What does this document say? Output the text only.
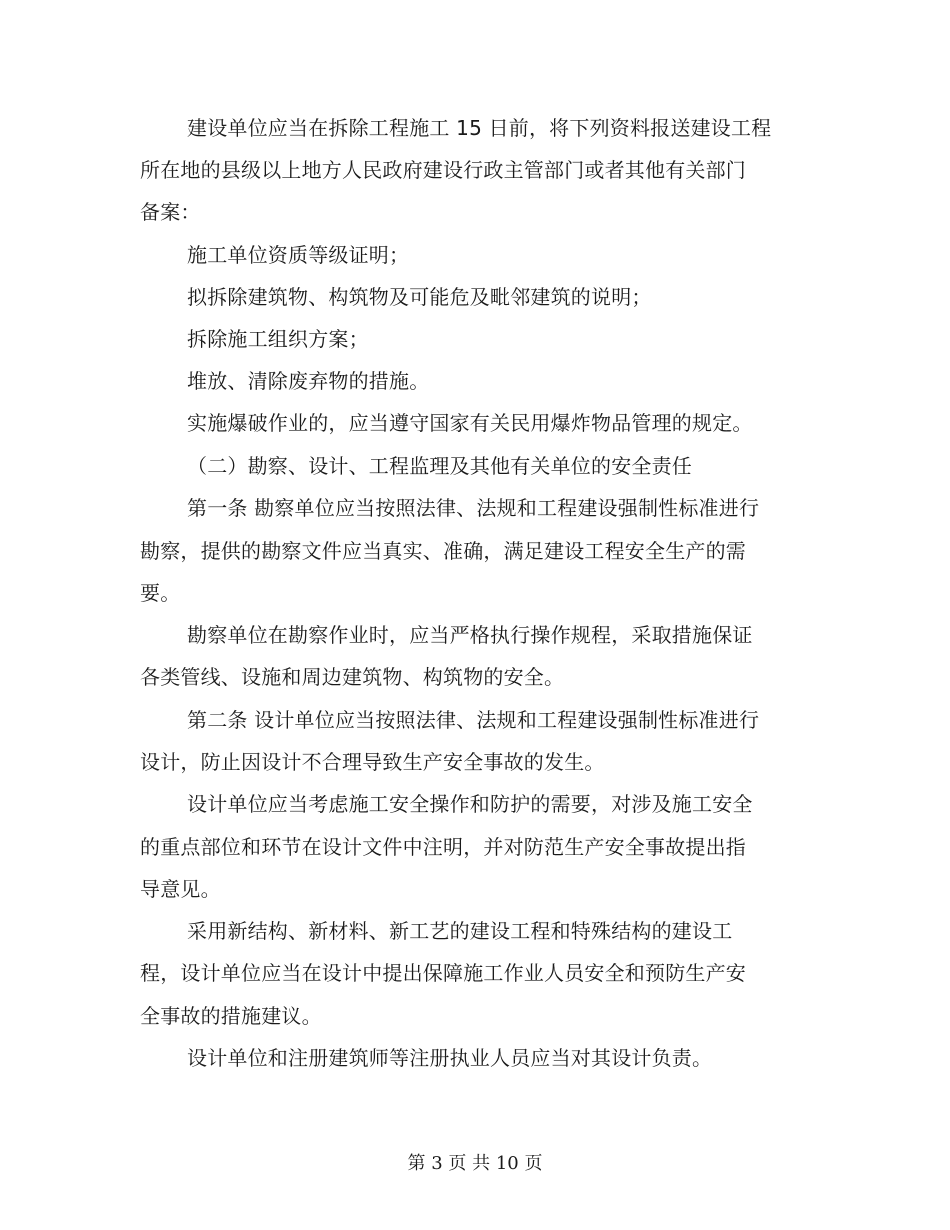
建设单位应当在拆除工程施工 15 日前，将下列资料报送建设工程
所在地的县级以上地方人民政府建设行政主管部门或者其他有关部门
备案：
施工单位资质等级证明；
拟拆除建筑物、构筑物及可能危及毗邻建筑的说明；
拆除施工组织方案；
堆放、清除废弃物的措施。
实施爆破作业的，应当遵守国家有关民用爆炸物品管理的规定。
（二）勘察、设计、工程监理及其他有关单位的安全责任
第一条 勘察单位应当按照法律、法规和工程建设强制性标准进行
勘察，提供的勘察文件应当真实、准确，满足建设工程安全生产的需
要。
勘察单位在勘察作业时，应当严格执行操作规程，采取措施保证
各类管线、设施和周边建筑物、构筑物的安全。
第二条 设计单位应当按照法律、法规和工程建设强制性标准进行
设计，防止因设计不合理导致生产安全事故的发生。
设计单位应当考虑施工安全操作和防护的需要，对涉及施工安全
的重点部位和环节在设计文件中注明，并对防范生产安全事故提出指
导意见。
采用新结构、新材料、新工艺的建设工程和特殊结构的建设工
程，设计单位应当在设计中提出保障施工作业人员安全和预防生产安
全事故的措施建议。
设计单位和注册建筑师等注册执业人员应当对其设计负责。
第 3 页 共 10 页
